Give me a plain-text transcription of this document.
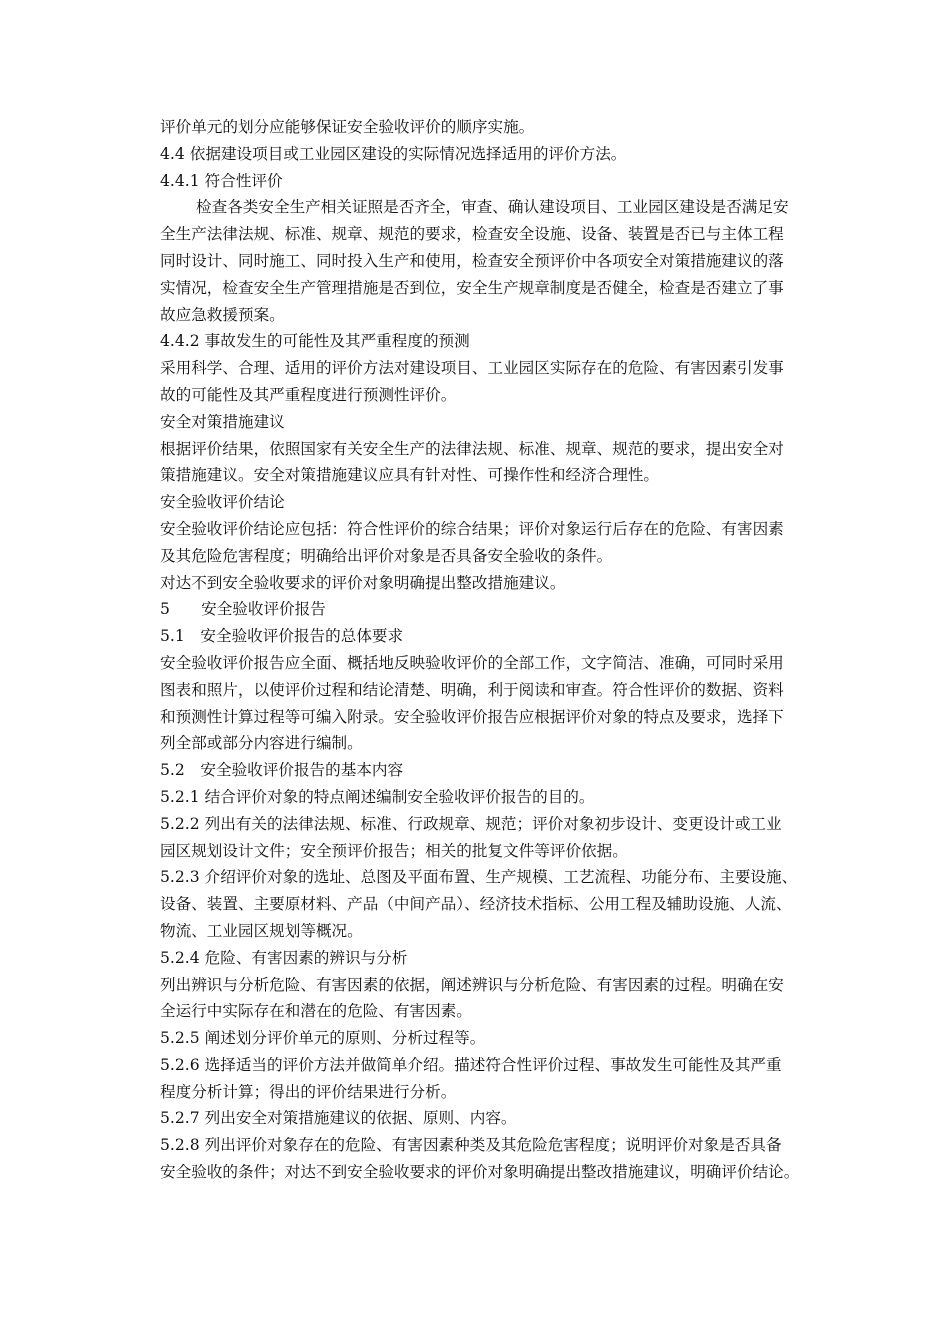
评价单元的划分应能够保证安全验收评价的顺序实施。
4.4 依据建设项目或工业园区建设的实际情况选择适用的评价方法。
4.4.1 符合性评价
检查各类安全生产相关证照是否齐全，审查、确认建设项目、工业园区建设是否满足安
全生产法律法规、标准、规章、规范的要求，检查安全设施、设备、装置是否已与主体工程
同时设计、同时施工、同时投入生产和使用，检查安全预评价中各项安全对策措施建议的落
实情况，检查安全生产管理措施是否到位，安全生产规章制度是否健全，检查是否建立了事
故应急救援预案。
4.4.2 事故发生的可能性及其严重程度的预测
采用科学、合理、适用的评价方法对建设项目、工业园区实际存在的危险、有害因素引发事
故的可能性及其严重程度进行预测性评价。
安全对策措施建议
根据评价结果，依照国家有关安全生产的法律法规、标准、规章、规范的要求，提出安全对
策措施建议。安全对策措施建议应具有针对性、可操作性和经济合理性。
安全验收评价结论
安全验收评价结论应包括：符合性评价的综合结果；评价对象运行后存在的危险、有害因素
及其危险危害程度；明确给出评价对象是否具备安全验收的条件。
对达不到安全验收要求的评价对象明确提出整改措施建议。
5　　安全验收评价报告
5.1　安全验收评价报告的总体要求
安全验收评价报告应全面、概括地反映验收评价的全部工作，文字简洁、准确，可同时采用
图表和照片，以使评价过程和结论清楚、明确，利于阅读和审查。符合性评价的数据、资料
和预测性计算过程等可编入附录。安全验收评价报告应根据评价对象的特点及要求，选择下
列全部或部分内容进行编制。
5.2　安全验收评价报告的基本内容
5.2.1 结合评价对象的特点阐述编制安全验收评价报告的目的。
5.2.2 列出有关的法律法规、标准、行政规章、规范；评价对象初步设计、变更设计或工业
园区规划设计文件；安全预评价报告；相关的批复文件等评价依据。
5.2.3 介绍评价对象的选址、总图及平面布置、生产规模、工艺流程、功能分布、主要设施、
设备、装置、主要原材料、产品（中间产品）、经济技术指标、公用工程及辅助设施、人流、
物流、工业园区规划等概况。
5.2.4 危险、有害因素的辨识与分析
列出辨识与分析危险、有害因素的依据，阐述辨识与分析危险、有害因素的过程。明确在安
全运行中实际存在和潜在的危险、有害因素。
5.2.5 阐述划分评价单元的原则、分析过程等。
5.2.6 选择适当的评价方法并做简单介绍。描述符合性评价过程、事故发生可能性及其严重
程度分析计算；得出的评价结果进行分析。
5.2.7 列出安全对策措施建议的依据、原则、内容。
5.2.8 列出评价对象存在的危险、有害因素种类及其危险危害程度；说明评价对象是否具备
安全验收的条件；对达不到安全验收要求的评价对象明确提出整改措施建议，明确评价结论。
